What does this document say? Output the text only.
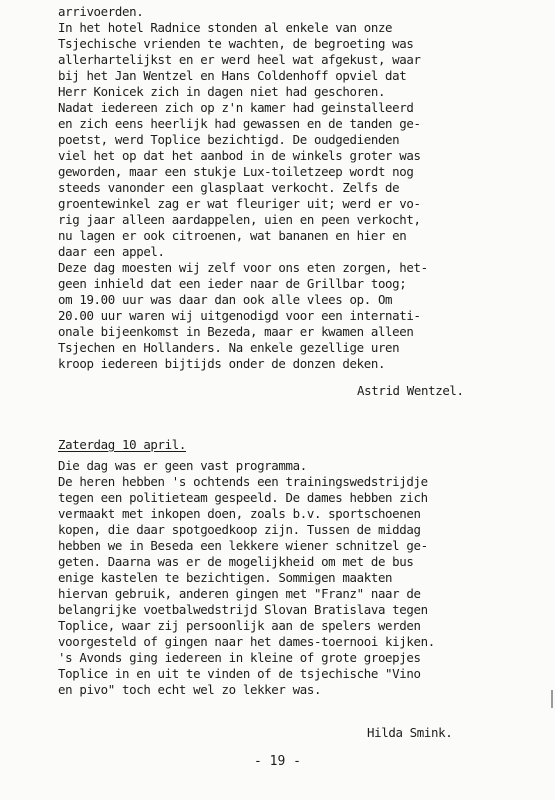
arrivoerden.
In het hotel Radnice stonden al enkele van onze
Tsjechische vrienden te wachten, de begroeting was
allerhartelijkst en er werd heel wat afgekust, waar
bij het Jan Wentzel en Hans Coldenhoff opviel dat
Herr Konicek zich in dagen niet had geschoren.
Nadat iedereen zich op z'n kamer had geinstalleerd
en zich eens heerlijk had gewassen en de tanden ge-
poetst, werd Toplice bezichtigd. De oudgedienden
viel het op dat het aanbod in de winkels groter was
geworden, maar een stukje Lux-toiletzeep wordt nog
steeds vanonder een glasplaat verkocht. Zelfs de
groentewinkel zag er wat fleuriger uit; werd er vo-
rig jaar alleen aardappelen, uien en peen verkocht,
nu lagen er ook citroenen, wat bananen en hier en
daar een appel.
Deze dag moesten wij zelf voor ons eten zorgen, het-
geen inhield dat een ieder naar de Grillbar toog;
om 19.00 uur was daar dan ook alle vlees op. Om
20.00 uur waren wij uitgenodigd voor een internati-
onale bijeenkomst in Bezeda, maar er kwamen alleen
Tsjechen en Hollanders. Na enkele gezellige uren
kroop iedereen bijtijds onder de donzen deken.
Astrid Wentzel.
Zaterdag 10 april.
Die dag was er geen vast programma.
De heren hebben 's ochtends een trainingswedstrijdje
tegen een politieteam gespeeld. De dames hebben zich
vermaakt met inkopen doen, zoals b.v. sportschoenen
kopen, die daar spotgoedkoop zijn. Tussen de middag
hebben we in Beseda een lekkere wiener schnitzel ge-
geten. Daarna was er de mogelijkheid om met de bus
enige kastelen te bezichtigen. Sommigen maakten
hiervan gebruik, anderen gingen met "Franz" naar de
belangrijke voetbalwedstrijd Slovan Bratislava tegen
Toplice, waar zij persoonlijk aan de spelers werden
voorgesteld of gingen naar het dames-toernooi kijken.
's Avonds ging iedereen in kleine of grote groepjes
Toplice in en uit te vinden of de tsjechische "Vino
en pivo" toch echt wel zo lekker was.
Hilda Smink.
- 19 -
